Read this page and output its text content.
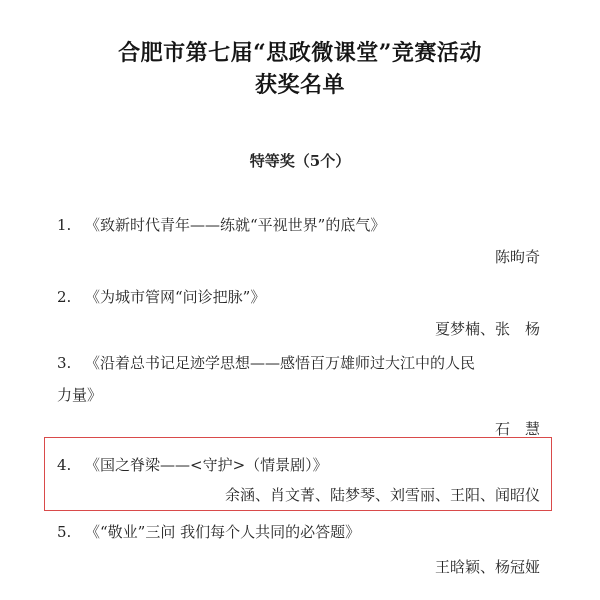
合肥市第七届“思政微课堂”竞赛活动
获奖名单
特等奖（5个）
1. 《致新时代青年——练就“平视世界”的底气》
陈昫奇
2. 《为城市管网“问诊把脉”》
夏梦楠、张　杨
3. 《沿着总书记足迹学思想——感悟百万雄师过大江中的人民
力量》
石　慧
4. 《国之脊梁——<守护>（情景剧）》
余涵、肖文菁、陆梦琴、刘雪丽、王阳、闻昭仪
5. 《“敬业”三问 我们每个人共同的必答题》
王晗颖、杨冠娅
